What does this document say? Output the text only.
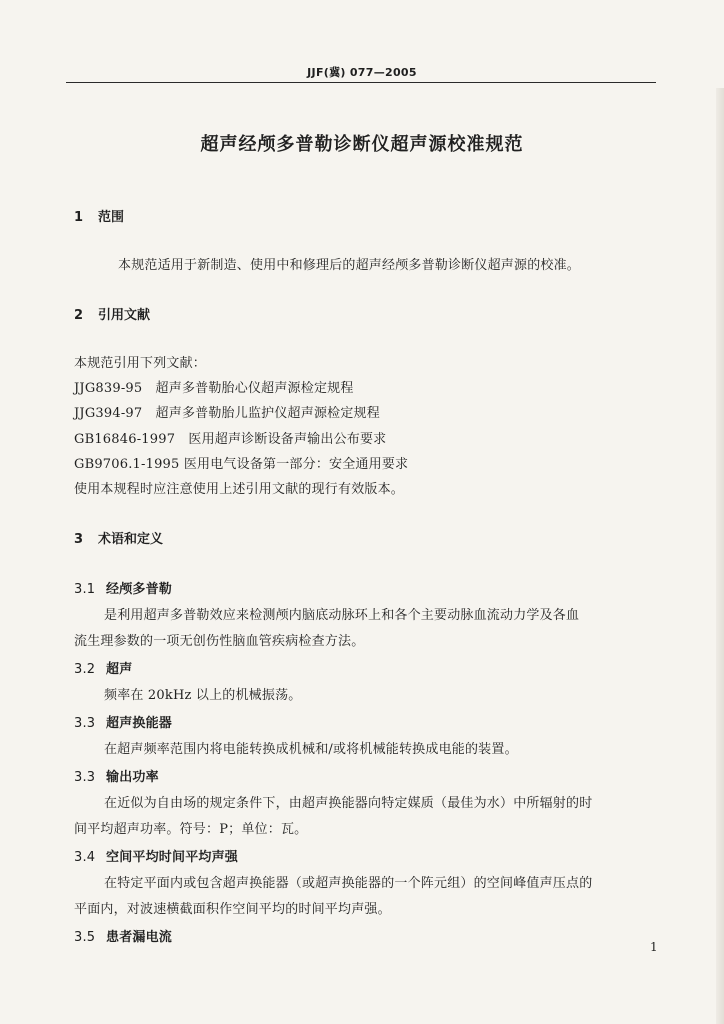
JJF(冀) 077—2005
超声经颅多普勒诊断仪超声源校准规范
1 范围
本规范适用于新制造、使用中和修理后的超声经颅多普勒诊断仪超声源的校准。
2 引用文献
本规范引用下列文献：
JJG839-95　超声多普勒胎心仪超声源检定规程
JJG394-97　超声多普勒胎儿监护仪超声源检定规程
GB16846-1997　医用超声诊断设备声输出公布要求
GB9706.1-1995 医用电气设备第一部分：安全通用要求
使用本规程时应注意使用上述引用文献的现行有效版本。
3 术语和定义
3.1 经颅多普勒
是利用超声多普勒效应来检测颅内脑底动脉环上和各个主要动脉血流动力学及各血
流生理参数的一项无创伤性脑血管疾病检查方法。
3.2 超声
频率在 20kHz 以上的机械振荡。
3.3 超声换能器
在超声频率范围内将电能转换成机械和/或将机械能转换成电能的装置。
3.3 输出功率
在近似为自由场的规定条件下，由超声换能器向特定媒质（最佳为水）中所辐射的时
间平均超声功率。符号：P；单位：瓦。
3.4 空间平均时间平均声强
在特定平面内或包含超声换能器（或超声换能器的一个阵元组）的空间峰值声压点的
平面内，对波速横截面积作空间平均的时间平均声强。
3.5 患者漏电流
1
